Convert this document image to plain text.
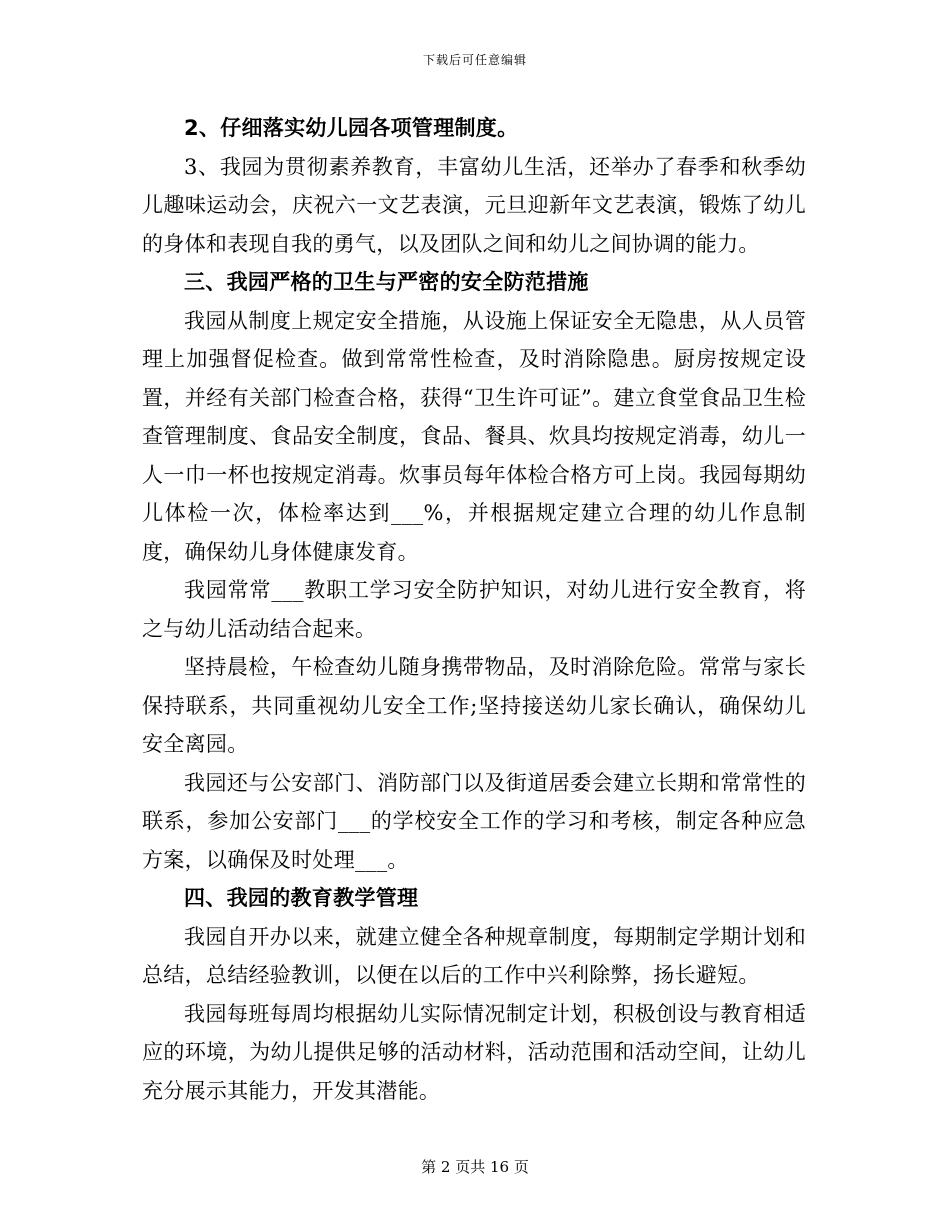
下载后可任意编辑

2、仔细落实幼儿园各项管理制度。

3、我园为贯彻素养教育，丰富幼儿生活，还举办了春季和秋季幼儿趣味运动会，庆祝六一文艺表演，元旦迎新年文艺表演，锻炼了幼儿的身体和表现自我的勇气，以及团队之间和幼儿之间协调的能力。

三、我园严格的卫生与严密的安全防范措施

我园从制度上规定安全措施，从设施上保证安全无隐患，从人员管理上加强督促检查。做到常常性检查，及时消除隐患。厨房按规定设置，并经有关部门检查合格，获得“卫生许可证”。建立食堂食品卫生检查管理制度、食品安全制度，食品、餐具、炊具均按规定消毒，幼儿一人一巾一杯也按规定消毒。炊事员每年体检合格方可上岗。我园每期幼儿体检一次，体检率达到___%，并根据规定建立合理的幼儿作息制度，确保幼儿身体健康发育。

我园常常___教职工学习安全防护知识，对幼儿进行安全教育，将之与幼儿活动结合起来。

坚持晨检，午检查幼儿随身携带物品，及时消除危险。常常与家长保持联系，共同重视幼儿安全工作;坚持接送幼儿家长确认，确保幼儿安全离园。

我园还与公安部门、消防部门以及街道居委会建立长期和常常性的联系，参加公安部门___的学校安全工作的学习和考核，制定各种应急方案，以确保及时处理___。

四、我园的教育教学管理

我园自开办以来，就建立健全各种规章制度，每期制定学期计划和总结，总结经验教训，以便在以后的工作中兴利除弊，扬长避短。

我园每班每周均根据幼儿实际情况制定计划，积极创设与教育相适应的环境，为幼儿提供足够的活动材料，活动范围和活动空间，让幼儿充分展示其能力，开发其潜能。

第 2 页共 16 页
